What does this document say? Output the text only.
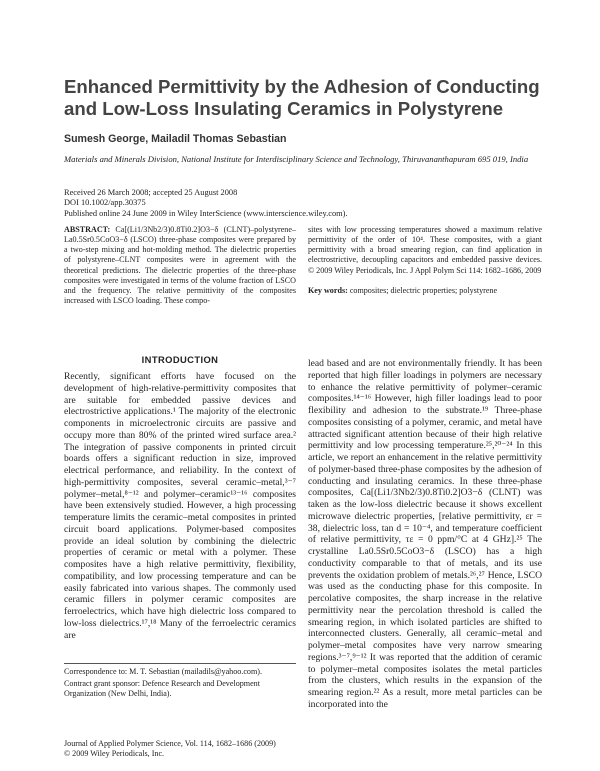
Enhanced Permittivity by the Adhesion of Conducting and Low-Loss Insulating Ceramics in Polystyrene
Sumesh George, Mailadil Thomas Sebastian
Materials and Minerals Division, National Institute for Interdisciplinary Science and Technology, Thiruvananthapuram 695 019, India
Received 26 March 2008; accepted 25 August 2008
DOI 10.1002/app.30375
Published online 24 June 2009 in Wiley InterScience (www.interscience.wiley.com).
ABSTRACT: Ca[(Li1/3Nb2/3)0.8Ti0.2]O3−δ (CLNT)–polystyrene–La0.5Sr0.5CoO3−δ (LSCO) three-phase composites were prepared by a two-step mixing and hot-molding method. The dielectric properties of polystyrene–CLNT composites were in agreement with the theoretical predictions. The dielectric properties of the three-phase composites were investigated in terms of the volume fraction of LSCO and the frequency. The relative permittivity of the composites increased with LSCO loading. These compo-
sites with low processing temperatures showed a maximum relative permittivity of the order of 10⁴. These composites, with a giant permittivity with a broad smearing region, can find application in electrostrictive, decoupling capacitors and embedded passive devices. © 2009 Wiley Periodicals, Inc. J Appl Polym Sci 114: 1682–1686, 2009
Key words: composites; dielectric properties; polystyrene
INTRODUCTION

Recently, significant efforts have focused on the development of high-relative-permittivity composites that are suitable for embedded passive devices and electrostrictive applications.¹ The majority of the electronic components in microelectronic circuits are passive and occupy more than 80% of the printed wired surface area.² The integration of passive components in printed circuit boards offers a significant reduction in size, improved electrical performance, and reliability. In the context of high-permittivity composites, several ceramic–metal,³⁻⁷ polymer–metal,⁸⁻¹² and polymer–ceramic¹³⁻¹⁶ composites have been extensively studied. However, a high processing temperature limits the ceramic–metal composites in printed circuit board applications. Polymer-based composites provide an ideal solution by combining the dielectric properties of ceramic or metal with a polymer. These composites have a high relative permittivity, flexibility, compatibility, and low processing temperature and can be easily fabricated into various shapes. The commonly used ceramic fillers in polymer ceramic composites are ferroelectrics, which have high dielectric loss compared to low-loss dielectrics.¹⁷,¹⁸ Many of the ferroelectric ceramics are

lead based and are not environmentally friendly. It has been reported that high filler loadings in polymers are necessary to enhance the relative permittivity of polymer–ceramic composites.¹⁴⁻¹⁶ However, high filler loadings lead to poor flexibility and adhesion to the substrate.¹⁹ Three-phase composites consisting of a polymer, ceramic, and metal have attracted significant attention because of their high relative permittivity and low processing temperature.²⁵,²⁰⁻²⁴ In this article, we report an enhancement in the relative permittivity of polymer-based three-phase composites by the adhesion of conducting and insulating ceramics. In these three-phase composites, Ca[(Li1/3Nb2/3)0.8Ti0.2]O3−δ (CLNT) was taken as the low-loss dielectric because it shows excellent microwave dielectric properties, [relative permittivity, εr = 38, dielectric loss, tan d = 10⁻⁴, and temperature coefficient of relative permittivity, τε = 0 ppm/°C at 4 GHz].²⁵ The crystalline La0.5Sr0.5CoO3−δ (LSCO) has a high conductivity comparable to that of metals, and its use prevents the oxidation problem of metals.²⁶,²⁷ Hence, LSCO was used as the conducting phase for this composite. In percolative composites, the sharp increase in the relative permittivity near the percolation threshold is called the smearing region, in which isolated particles are shifted to interconnected clusters. Generally, all ceramic–metal and polymer–metal composites have very narrow smearing regions.³⁻⁷,⁹⁻¹² It was reported that the addition of ceramic to polymer–metal composites isolates the metal particles from the clusters, which results in the expansion of the smearing region.²² As a result, more metal particles can be incorporated into the

Correspondence to: M. T. Sebastian (mailadils@yahoo.com).

Contract grant sponsor: Defence Research and Development Organization (New Delhi, India).

Journal of Applied Polymer Science, Vol. 114, 1682–1686 (2009)
© 2009 Wiley Periodicals, Inc.
